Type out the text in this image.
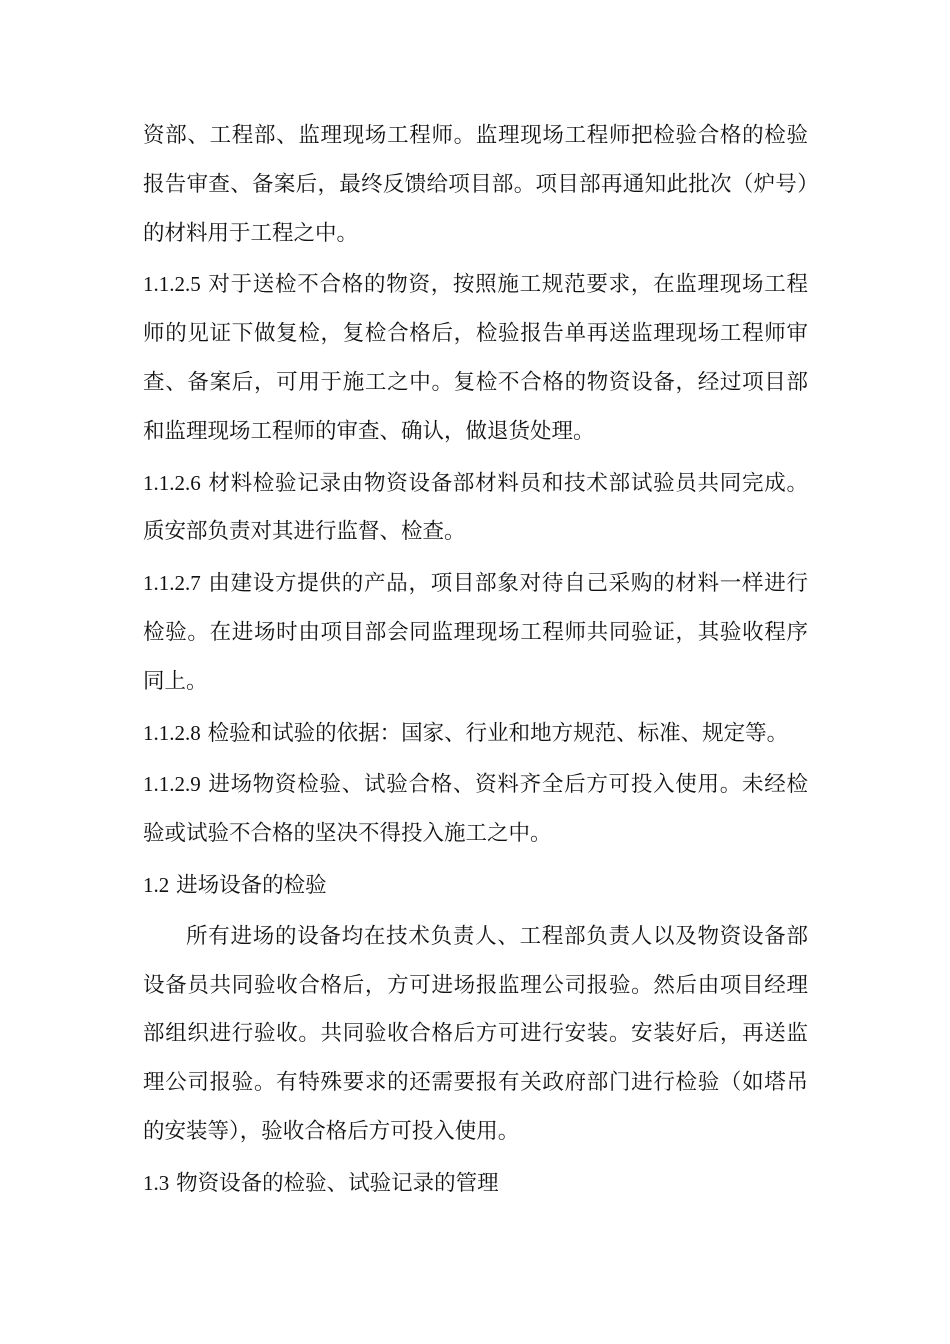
资部、工程部、监理现场工程师。监理现场工程师把检验合格的检验报告审查、备案后，最终反馈给项目部。项目部再通知此批次（炉号）的材料用于工程之中。

1.1.2.5 对于送检不合格的物资，按照施工规范要求，在监理现场工程师的见证下做复检，复检合格后，检验报告单再送监理现场工程师审查、备案后，可用于施工之中。复检不合格的物资设备，经过项目部和监理现场工程师的审查、确认，做退货处理。

1.1.2.6 材料检验记录由物资设备部材料员和技术部试验员共同完成。质安部负责对其进行监督、检查。

1.1.2.7 由建设方提供的产品，项目部象对待自己采购的材料一样进行检验。在进场时由项目部会同监理现场工程师共同验证，其验收程序同上。

1.1.2.8 检验和试验的依据：国家、行业和地方规范、标准、规定等。

1.1.2.9 进场物资检验、试验合格、资料齐全后方可投入使用。未经检验或试验不合格的坚决不得投入施工之中。

1.2 进场设备的检验

所有进场的设备均在技术负责人、工程部负责人以及物资设备部设备员共同验收合格后，方可进场报监理公司报验。然后由项目经理部组织进行验收。共同验收合格后方可进行安装。安装好后，再送监理公司报验。有特殊要求的还需要报有关政府部门进行检验（如塔吊的安装等），验收合格后方可投入使用。

1.3 物资设备的检验、试验记录的管理
